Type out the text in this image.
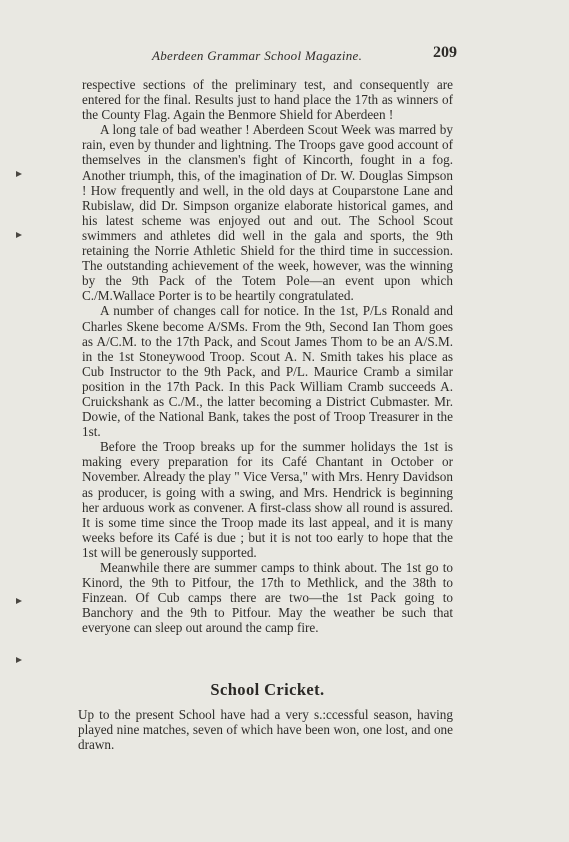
Aberdeen Grammar School Magazine.	209

respective sections of the preliminary test, and consequently are entered for the final. Results just to hand place the 17th as winners of the County Flag. Again the Benmore Shield for Aberdeen !

A long tale of bad weather ! Aberdeen Scout Week was marred by rain, even by thunder and lightning. The Troops gave good account of themselves in the clansmen's fight of Kincorth, fought in a fog. Another triumph, this, of the imagination of Dr. W. Douglas Simpson ! How frequently and well, in the old days at Couparstone Lane and Rubislaw, did Dr. Simpson organize elaborate historical games, and his latest scheme was enjoyed out and out. The School Scout swimmers and athletes did well in the gala and sports, the 9th retaining the Norrie Athletic Shield for the third time in succession. The outstanding achievement of the week, however, was the winning by the 9th Pack of the Totem Pole—an event upon which C./M.Wallace Porter is to be heartily congratulated.

A number of changes call for notice. In the 1st, P/Ls Ronald and Charles Skene become A/SMs. From the 9th, Second Ian Thom goes as A/C.M. to the 17th Pack, and Scout James Thom to be an A/S.M. in the 1st Stoneywood Troop. Scout A. N. Smith takes his place as Cub Instructor to the 9th Pack, and P/L. Maurice Cramb a similar position in the 17th Pack. In this Pack William Cramb succeeds A. Cruickshank as C./M., the latter becoming a District Cubmaster. Mr. Dowie, of the National Bank, takes the post of Troop Treasurer in the 1st.

Before the Troop breaks up for the summer holidays the 1st is making every preparation for its Café Chantant in October or November. Already the play " Vice Versa," with Mrs. Henry Davidson as producer, is going with a swing, and Mrs. Hendrick is beginning her arduous work as convener. A first-class show all round is assured. It is some time since the Troop made its last appeal, and it is many weeks before its Café is due ; but it is not too early to hope that the 1st will be generously supported.

Meanwhile there are summer camps to think about. The 1st go to Kinord, the 9th to Pitfour, the 17th to Methlick, and the 38th to Finzean. Of Cub camps there are two—the 1st Pack going to Banchory and the 9th to Pitfour. May the weather be such that everyone can sleep out around the camp fire.

School Cricket.

Up to the present School have had a very s.:ccessful season, having played nine matches, seven of which have been won, one lost, and one drawn.
